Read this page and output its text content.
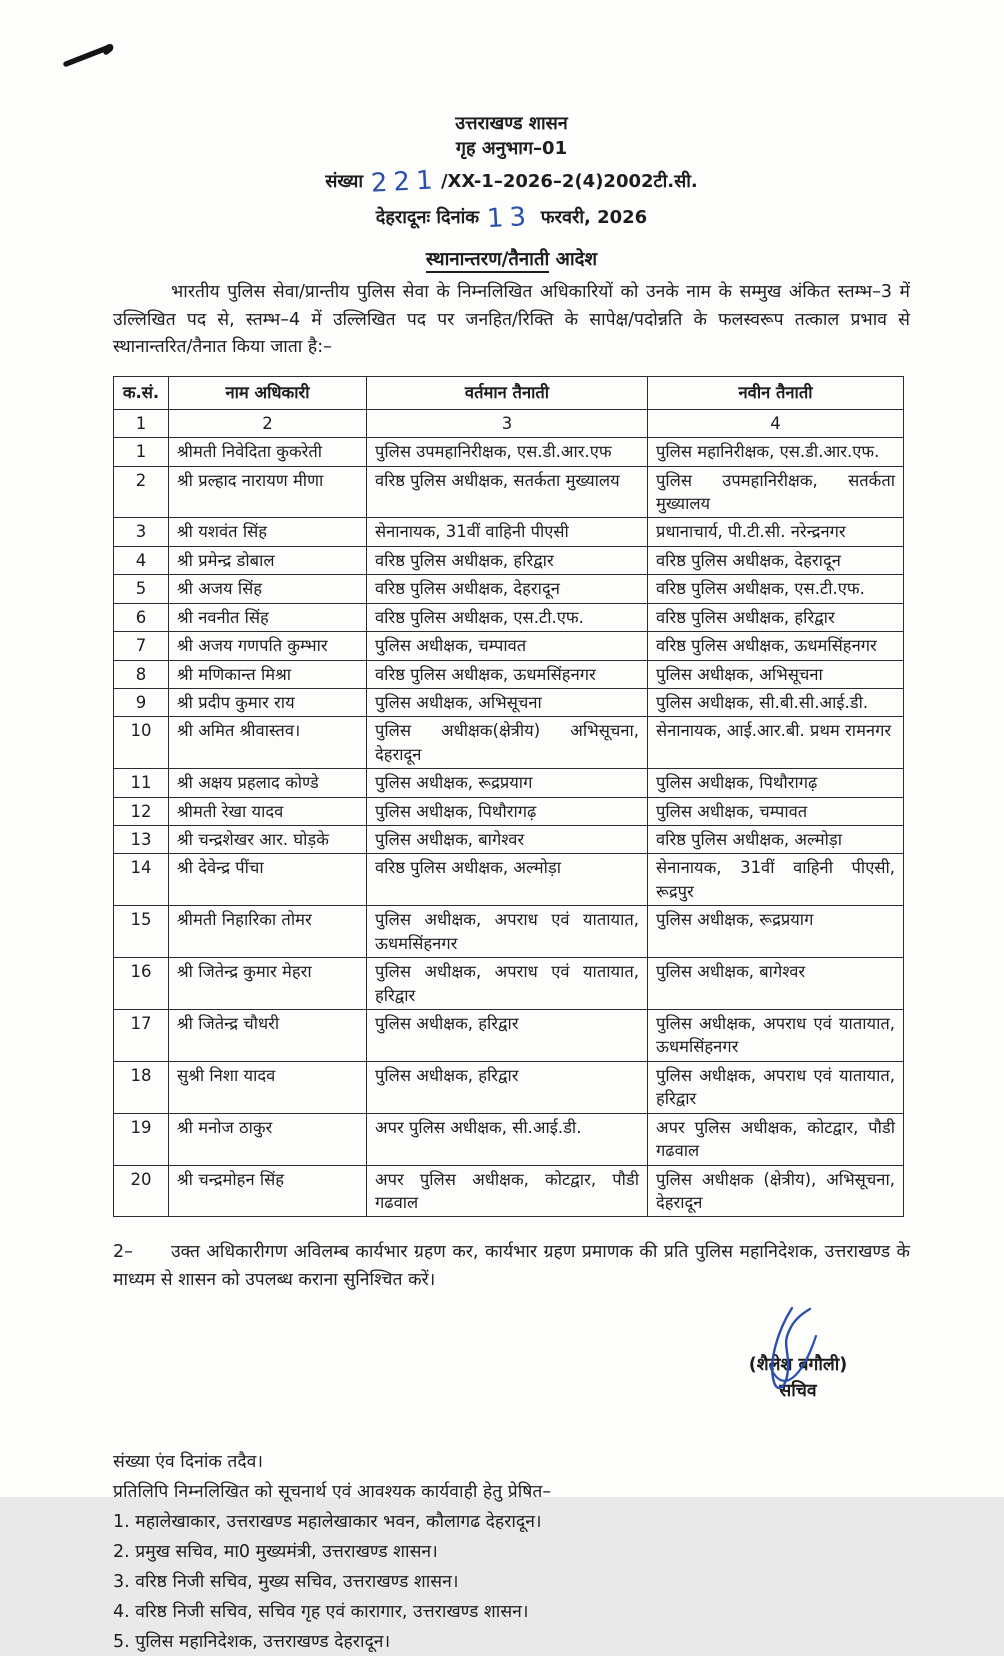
उत्तराखण्ड शासन
गृह अनुभाग–01
संख्या 221/XX-1–2026–2(4)2002टी.सी.
देहरादूनः दिनांक 13 फरवरी, 2026
स्थानान्तरण/तैनाती आदेश
भारतीय पुलिस सेवा/प्रान्तीय पुलिस सेवा के निम्नलिखित अधिकारियों को उनके नाम के सम्मुख अंकित स्तम्भ–3 में उल्लिखित पद से, स्तम्भ–4 में उल्लिखित पद पर जनहित/रिक्ति के सापेक्ष/पदोन्नति के फलस्वरूप तत्काल प्रभाव से स्थानान्तरित/तैनात किया जाता है:–
क.सं.	नाम अधिकारी	वर्तमान तैनाती	नवीन तैनाती
1	2	3	4
1	श्रीमती निवेदिता कुकरेती	पुलिस उपमहानिरीक्षक, एस.डी.आर.एफ	पुलिस महानिरीक्षक, एस.डी.आर.एफ.
2	श्री प्रल्हाद नारायण मीणा	वरिष्ठ पुलिस अधीक्षक, सतर्कता मुख्यालय	पुलिस उपमहानिरीक्षक, सतर्कता मुख्यालय
3	श्री यशवंत सिंह	सेनानायक, 31वीं वाहिनी पीएसी	प्रधानाचार्य, पी.टी.सी. नरेन्द्रनगर
4	श्री प्रमेन्द्र डोबाल	वरिष्ठ पुलिस अधीक्षक, हरिद्वार	वरिष्ठ पुलिस अधीक्षक, देहरादून
5	श्री अजय सिंह	वरिष्ठ पुलिस अधीक्षक, देहरादून	वरिष्ठ पुलिस अधीक्षक, एस.टी.एफ.
6	श्री नवनीत सिंह	वरिष्ठ पुलिस अधीक्षक, एस.टी.एफ.	वरिष्ठ पुलिस अधीक्षक, हरिद्वार
7	श्री अजय गणपति कुम्भार	पुलिस अधीक्षक, चम्पावत	वरिष्ठ पुलिस अधीक्षक, ऊधमसिंहनगर
8	श्री मणिकान्त मिश्रा	वरिष्ठ पुलिस अधीक्षक, ऊधमसिंहनगर	पुलिस अधीक्षक, अभिसूचना
9	श्री प्रदीप कुमार राय	पुलिस अधीक्षक, अभिसूचना	पुलिस अधीक्षक, सी.बी.सी.आई.डी.
10	श्री अमित श्रीवास्तव।	पुलिस अधीक्षक(क्षेत्रीय) अभिसूचना, देहरादून	सेनानायक, आई.आर.बी. प्रथम रामनगर
11	श्री अक्षय प्रहलाद कोण्डे	पुलिस अधीक्षक, रूद्रप्रयाग	पुलिस अधीक्षक, पिथौरागढ़
12	श्रीमती रेखा यादव	पुलिस अधीक्षक, पिथौरागढ़	पुलिस अधीक्षक, चम्पावत
13	श्री चन्द्रशेखर आर. घोड़के	पुलिस अधीक्षक, बागेश्वर	वरिष्ठ पुलिस अधीक्षक, अल्मोड़ा
14	श्री देवेन्द्र पींचा	वरिष्ठ पुलिस अधीक्षक, अल्मोड़ा	सेनानायक, 31वीं वाहिनी पीएसी, रूद्रपुर
15	श्रीमती निहारिका तोमर	पुलिस अधीक्षक, अपराध एवं यातायात, ऊधमसिंहनगर	पुलिस अधीक्षक, रूद्रप्रयाग
16	श्री जितेन्द्र कुमार मेहरा	पुलिस अधीक्षक, अपराध एवं यातायात, हरिद्वार	पुलिस अधीक्षक, बागेश्वर
17	श्री जितेन्द्र चौधरी	पुलिस अधीक्षक, हरिद्वार	पुलिस अधीक्षक, अपराध एवं यातायात, ऊधमसिंहनगर
18	सुश्री निशा यादव	पुलिस अधीक्षक, हरिद्वार	पुलिस अधीक्षक, अपराध एवं यातायात, हरिद्वार
19	श्री मनोज ठाकुर	अपर पुलिस अधीक्षक, सी.आई.डी.	अपर पुलिस अधीक्षक, कोटद्वार, पौडी गढवाल
20	श्री चन्द्रमोहन सिंह	अपर पुलिस अधीक्षक, कोटद्वार, पौडी गढवाल	पुलिस अधीक्षक (क्षेत्रीय), अभिसूचना, देहरादून
2– उक्त अधिकारीगण अविलम्ब कार्यभार ग्रहण कर, कार्यभार ग्रहण प्रमाणक की प्रति पुलिस महानिदेशक, उत्तराखण्ड के माध्यम से शासन को उपलब्ध कराना सुनिश्चित करें।
(शैलेश बगौली)
सचिव
संख्या एंव दिनांक तदैव।
प्रतिलिपि निम्नलिखित को सूचनार्थ एवं आवश्यक कार्यवाही हेतु प्रेषित–
1. महालेखाकार, उत्तराखण्ड महालेखाकार भवन, कौलागढ देहरादून।
2. प्रमुख सचिव, मा0 मुख्यमंत्री, उत्तराखण्ड शासन।
3. वरिष्ठ निजी सचिव, मुख्य सचिव, उत्तराखण्ड शासन।
4. वरिष्ठ निजी सचिव, सचिव गृह एवं कारागार, उत्तराखण्ड शासन।
5. पुलिस महानिदेशक, उत्तराखण्ड देहरादून।
